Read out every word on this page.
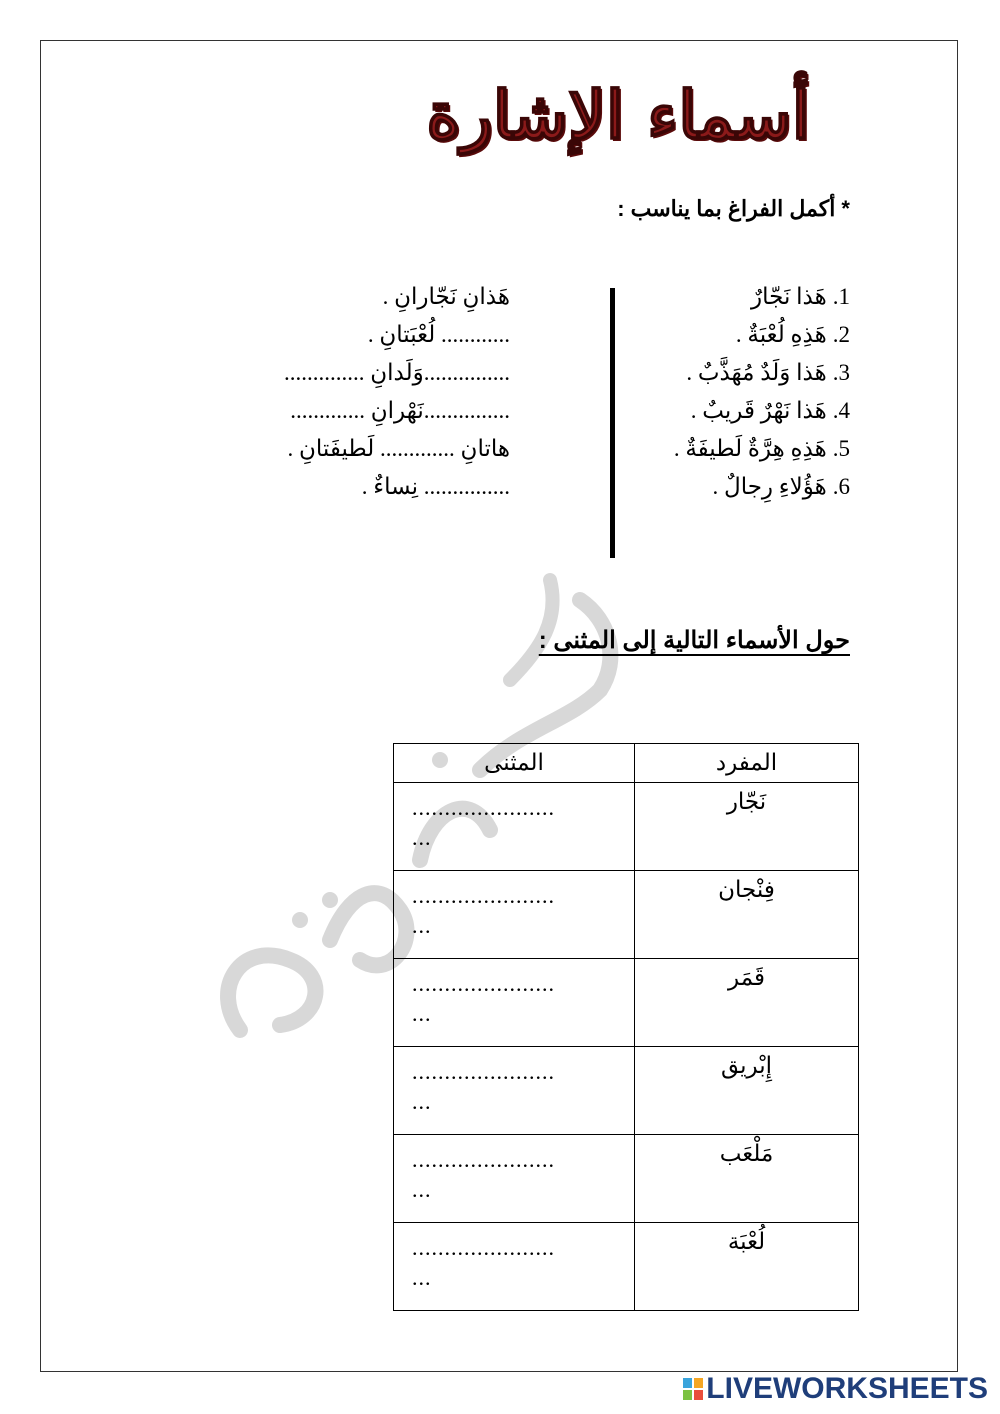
أسماء الإشارة
* أكمل الفراغ بما يناسب :
1.هَذا نَجّارٌ
2.هَذِهِ لُعْبَةٌ .
3.هَذا وَلَدٌ مُهَذَّبٌ .
4.هَذا نَهْرٌ قَريبٌ .
5.هَذِهِ هِرَّةٌ لَطيفَةٌ .
6.هَؤُلاءِ رِجالٌ .
هَذانِ نَجّارانِ .
............ لُعْبَتانِ .
...............وَلَدانِ ..............
...............نَهْرانِ .............
هاتانِ ............. لَطيفَتانِ .
............... نِساءٌ .
حول الأسماء التالية إلى المثنى :
المفرد	المثنى
نَجّار	......................
...
فِنْجان	......................
...
قَمَر	......................
...
إِبْريق	......................
...
مَلْعَب	......................
...
لُعْبَة	......................
...
LIVEWORKSHEETS
